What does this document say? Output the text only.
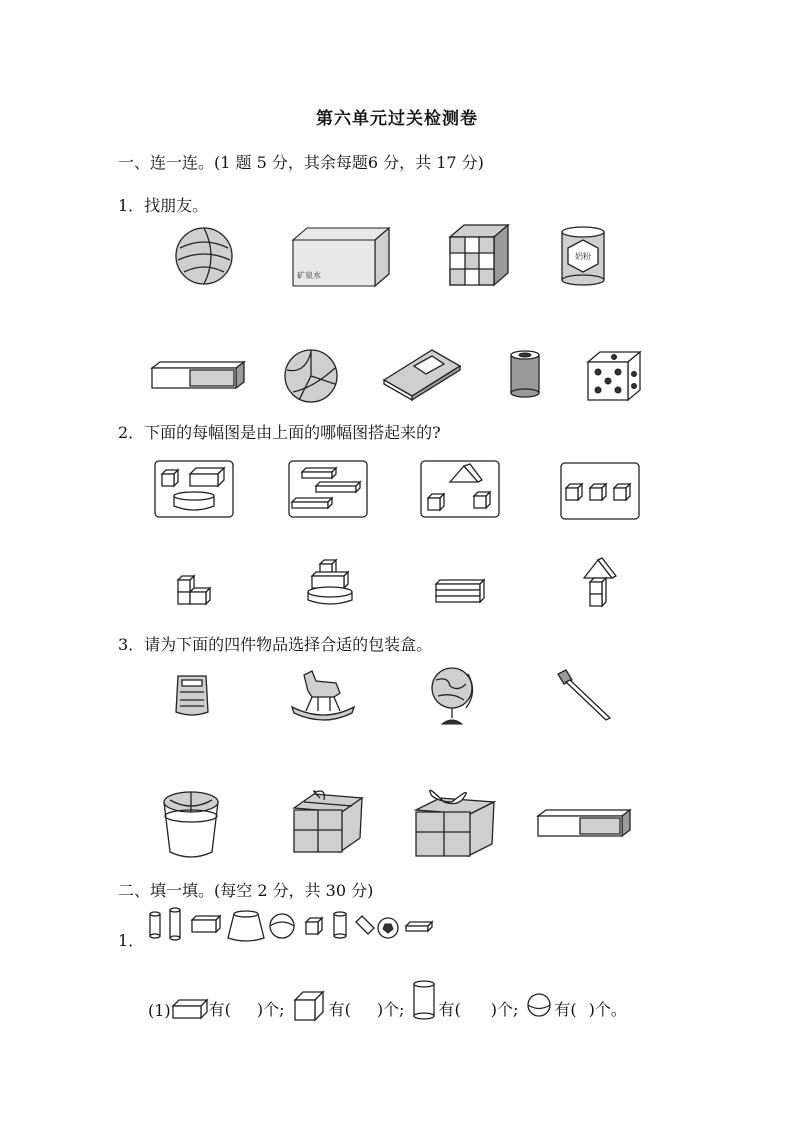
第六单元过关检测卷
一、连一连。(1 题 5 分，其余每题6 分，共 17 分)
1．找朋友。
矿泉水
奶粉
2．下面的每幅图是由上面的哪幅图搭起来的?
3．请为下面的四件物品选择合适的包装盒。
二、填一填。(每空 2 分，共 30 分)
1．
(1) 有( )个;	有( )个; 有( )个; 有( )个。
